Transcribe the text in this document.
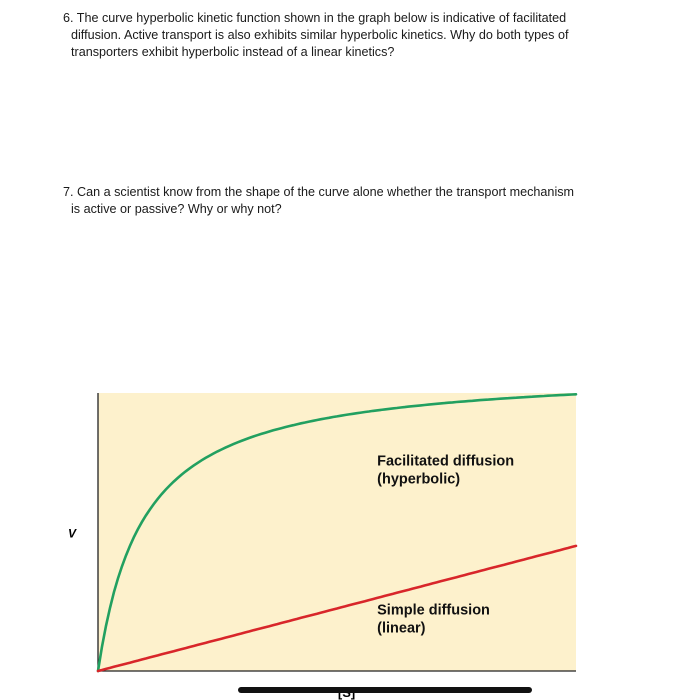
6. The curve hyperbolic kinetic function shown in the graph below is indicative of facilitated
diffusion. Active transport is also exhibits similar hyperbolic kinetics. Why do both types of
transporters exhibit hyperbolic instead of a linear kinetics?
7. Can a scientist know from the shape of the curve alone whether the transport mechanism
is active or passive? Why or why not?
V
Facilitated diffusion
(hyperbolic)
Simple diffusion
(linear)
